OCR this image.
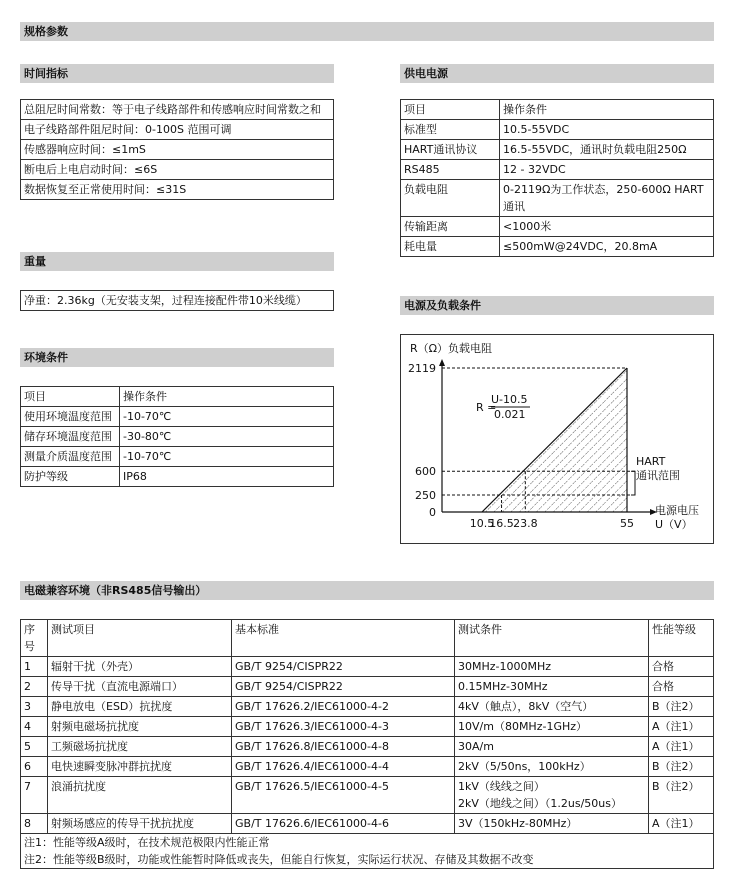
规格参数
时间指标	供电电源
重量
环境条件
电源及负载条件
电磁兼容环境（非RS485信号输出）
总阻尼时间常数：等于电子线路部件和传感响应时间常数之和
电子线路部件阻尼时间：0-100S 范围可调
传感器响应时间：≤1mS
断电后上电启动时间：≤6S
数据恢复至正常使用时间：≤31S
净重：2.36kg（无安装支架，过程连接配件带10米线缆）
项目	操作条件
使用环境温度范围	-10-70℃
储存环境温度范围	-30-80℃
测量介质温度范围	-10-70℃
防护等级	IP68
项目	操作条件
标准型	10.5-55VDC
HART通讯协议	16.5-55VDC，通讯时负载电阻250Ω
RS485	12 - 32VDC
负载电阻	0-2119Ω为工作状态，250-600Ω HART通讯
传输距离	<1000米
耗电量	≤500mW@24VDC，20.8mA
R（Ω）负载电阻
2119
600
250
0
10.5
16.5 23.8	55
R =
U-10.5
0.021
HART
通讯范围
电源电压
U（V）
序号	测试项目	基本标准	测试条件	性能等级
1	辐射干扰（外壳）	GB/T 9254/CISPR22	30MHz-1000MHz	合格
2	传导干扰（直流电源端口）	GB/T 9254/CISPR22	0.15MHz-30MHz	合格
3	静电放电（ESD）抗扰度	GB/T 17626.2/IEC61000-4-2	4kV（触点），8kV（空气）	B（注2）
4	射频电磁场抗扰度	GB/T 17626.3/IEC61000-4-3	10V/m（80MHz-1GHz）	A（注1）
5	工频磁场抗扰度	GB/T 17626.8/IEC61000-4-8	30A/m	A（注1）
6	电快速瞬变脉冲群抗扰度	GB/T 17626.4/IEC61000-4-4	2kV（5/50ns，100kHz）	B（注2）
7	浪涌抗扰度	GB/T 17626.5/IEC61000-4-5	1kV（线线之间）
2kV（地线之间）（1.2us/50us）	B（注2）
8	射频场感应的传导干扰抗扰度	GB/T 17626.6/IEC61000-4-6	3V（150kHz-80MHz）	A（注1）
注1：性能等级A级时，在技术规范极限内性能正常				
注2：性能等级B级时，功能或性能暂时降低或丧失，但能自行恢复，实际运行状况、存储及其数据不改变				
